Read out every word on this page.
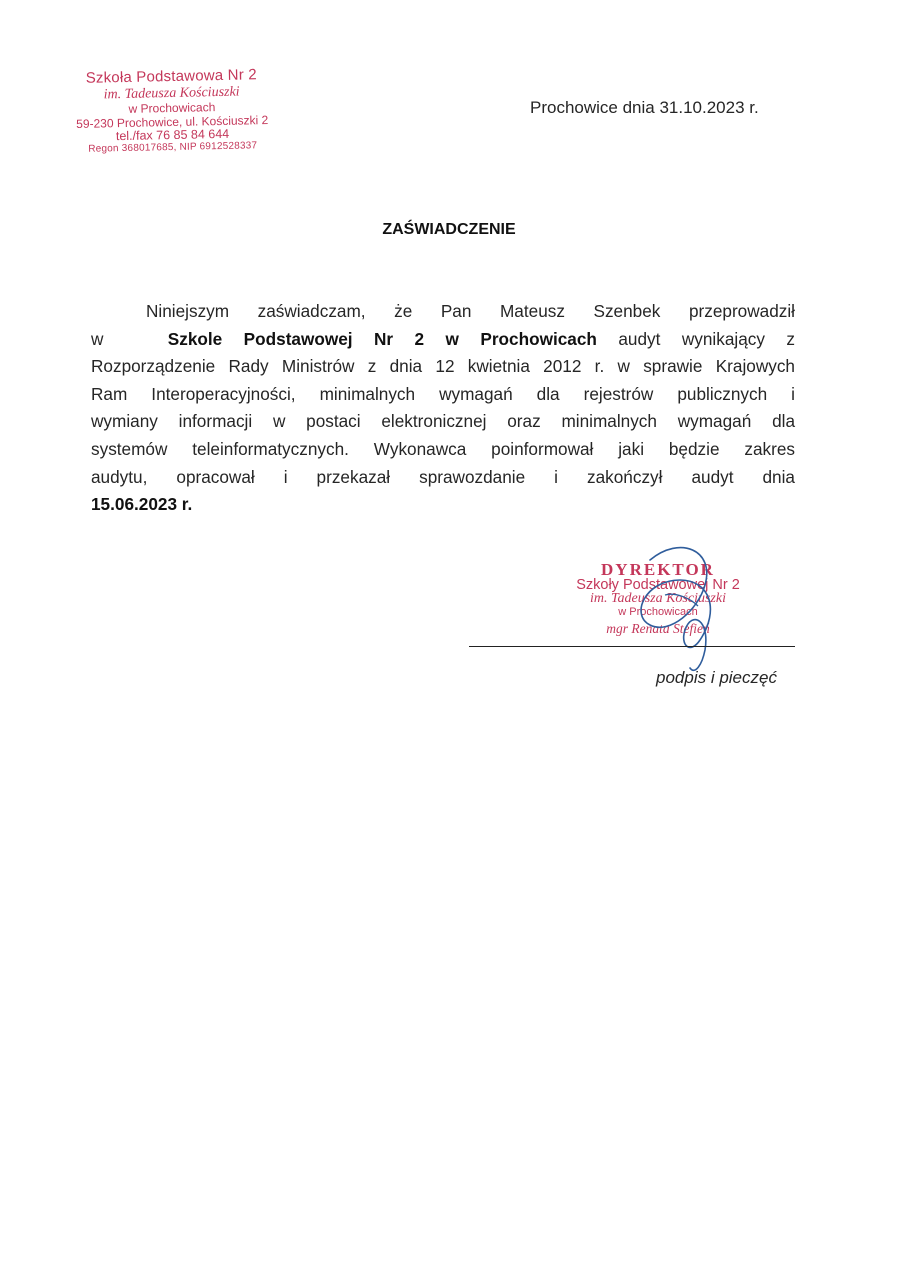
Szkoła Podstawowa Nr 2
im. Tadeusza Kościuszki
w Prochowicach
59-230 Prochowice, ul. Kościuszki 2
tel./fax 76 85 84 644
Regon 368017685, NIP 6912528337
Prochowice dnia 31.10.2023 r.
ZAŚWIADCZENIE
Niniejszym zaświadczam, że Pan Mateusz Szenbek przeprowadził
w	Szkole Podstawowej Nr 2 w Prochowicach audyt wynikający z
Rozporządzenie Rady Ministrów z dnia 12 kwietnia 2012 r. w sprawie Krajowych
Ram Interoperacyjności, minimalnych wymagań dla rejestrów publicznych i
wymiany informacji w postaci elektronicznej oraz minimalnych wymagań dla
systemów teleinformatycznych. Wykonawca poinformował jaki będzie zakres
audytu, opracował i przekazał sprawozdanie i zakończył audyt dnia
15.06.2023 r.
DYREKTOR
Szkoły Podstawowej Nr 2
im. Tadeusza Kościuszki
w Prochowicach
mgr Renata Stefień
podpis i pieczęć
